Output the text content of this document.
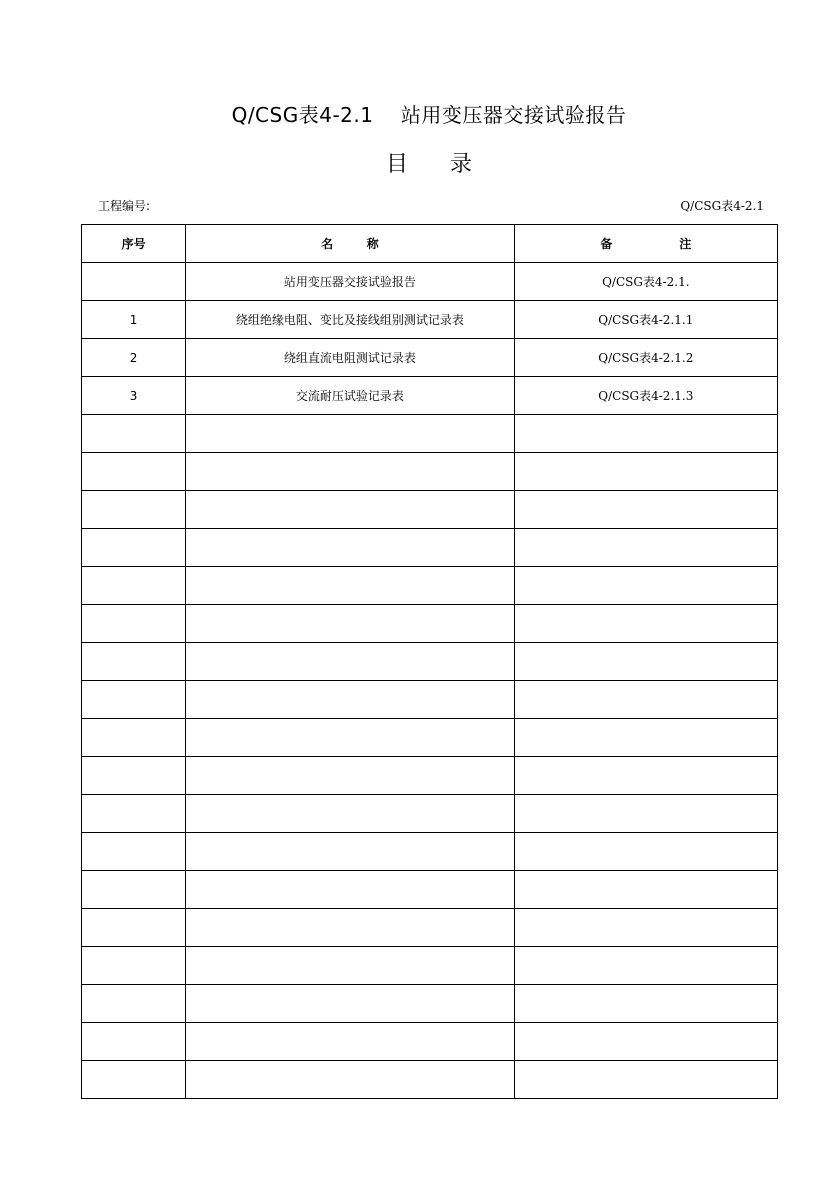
Q/CSG表4-2.1    站用变压器交接试验报告
目      录
工程编号:	Q/CSG表4-2.1
序号	名        称	备                注
	站用变压器交接试验报告	Q/CSG表4-2.1.
1	绕组绝缘电阻、变比及接线组别测试记录表	Q/CSG表4-2.1.1
2	绕组直流电阻测试记录表	Q/CSG表4-2.1.2
3	交流耐压试验记录表	Q/CSG表4-2.1.3
